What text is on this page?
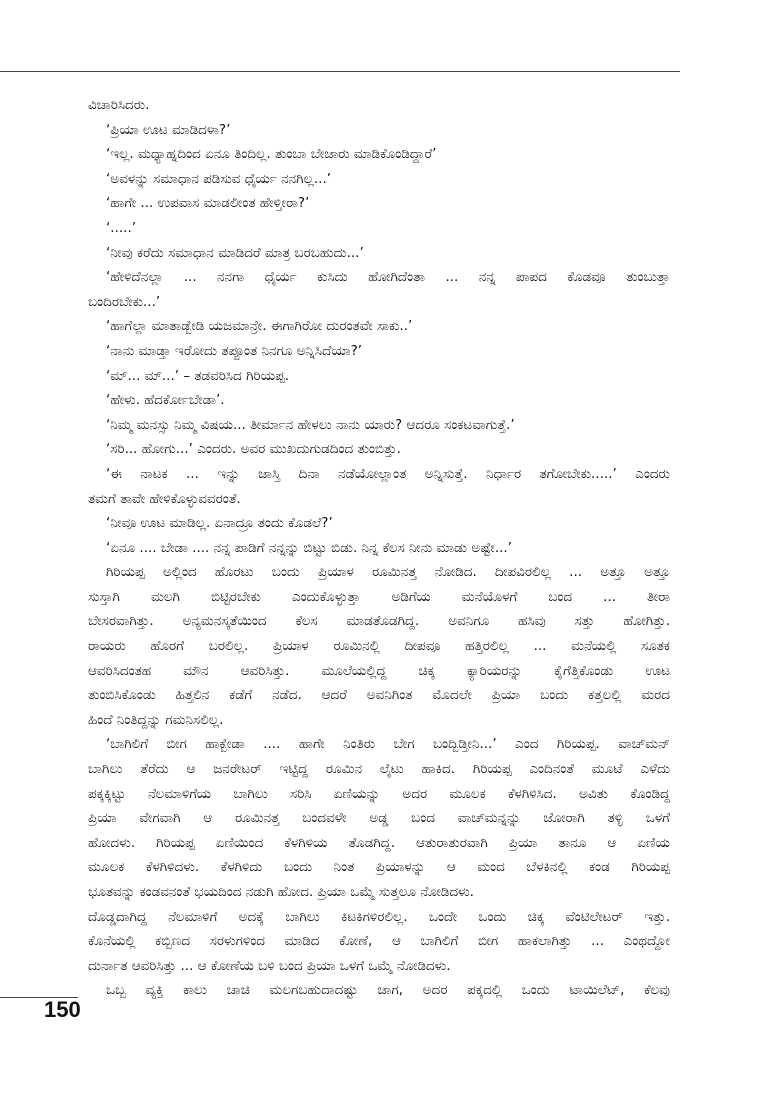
ವಿಚಾರಿಸಿದರು.
‘ಪ್ರಿಯಾ ಊಟ ಮಾಡಿದಳಾ?’
‘ಇಲ್ಲ. ಮಧ್ಯಾಹ್ನದಿಂದ ಏನೂ ತಿಂದಿಲ್ಲ. ತುಂಬಾ ಬೇಜಾರು ಮಾಡಿಕೊಂಡಿದ್ದಾರೆ’
‘ಅವಳನ್ನು ಸಮಾಧಾನ ಪಡಿಸುವ ಧೈರ್ಯ ನನಗಿಲ್ಲ...’
‘ಹಾಗೇ ... ಉಪವಾಸ ಮಾಡಲೀಂತ ಹೇಳ್ತೀರಾ?’
‘.....’
‘ನೀವು ಕರೆದು ಸಮಾಧಾನ ಮಾಡಿದರೆ ಮಾತ್ರ ಬರಬಹುದು...’
‘ಹೇಳಿದೆನಲ್ಲಾ ... ನನಗಾ ಧೈರ್ಯ ಕುಸಿದು ಹೋಗಿದೆಂತಾ ... ನನ್ನ ಪಾಪದ ಕೊಡವೂ ತುಂಬುತ್ತಾ
ಬಂದಿರಬೇಕು...’
‘ಹಾಗೆಲ್ಲಾ ಮಾತಾಡ್ಬೇಡಿ ಯಜಮಾನ್ರೇ. ಈಗಾಗಿರೋ ದುರಂತವೇ ಸಾಕು..’
‘ನಾನು ಮಾಡ್ತಾ ಇರೋದು ತಪ್ಪೂಂತ ನಿನಗೂ ಅನ್ನಿಸಿದೆಯಾ?’
‘ಮ್... ಮ್...’ – ತಡವರಿಸಿದ ಗಿರಿಯಪ್ಪ.
‘ಹೇಳು. ಹೆದರ್ಕೋಬೇಡಾ’.
‘ನಿಮ್ಮ ಮನಸ್ಸು ನಿಮ್ಮ ವಿಷಯ... ತೀರ್ಮಾನ ಹೇಳಲು ನಾನು ಯಾರು? ಆದರೂ ಸಂಕಟವಾಗುತ್ತೆ.’
‘ಸರಿ... ಹೋಗು...’ ಎಂದರು. ಅವರ ಮುಖದುಗುಡದಿಂದ ತುಂಬಿತ್ತು.
‘ಈ ನಾಟಕ ... ಇನ್ನು ಜಾಸ್ತಿ ದಿನಾ ನಡೆಯೋಲ್ಲಾಂತ ಅನ್ನಿಸುತ್ತೆ. ನಿರ್ಧಾರ ತಗೋಬೇಕು.....’ ಎಂದರು
ತಮಗೆ ತಾವೇ ಹೇಳಿಕೊಳ್ಳುವವರಂತೆ.
‘ನೀವೂ ಊಟ ಮಾಡಿಲ್ಲ. ಏನಾದ್ರೂ ತಂದು ಕೊಡಲೆ?’
‘ಏನೂ .... ಬೇಡಾ .... ನನ್ನ ಪಾಡಿಗೆ ನನ್ನನ್ನು ಬಿಟ್ಟು ಬಿಡು. ನಿನ್ನ ಕೆಲಸ ನೀನು ಮಾಡು ಅಷ್ಟೇ...’
ಗಿರಿಯಪ್ಪ ಅಲ್ಲಿಂದ ಹೊರಟು ಬಂದು ಪ್ರಿಯಾಳ ರೂಮಿನತ್ತ ನೋಡಿದ. ದೀಪವಿರಲಿಲ್ಲ ... ಅತ್ತೂ ಅತ್ತೂ
ಸುಸ್ತಾಗಿ ಮಲಗಿ ಬಿಟ್ಟಿರಬೇಕು ಎಂದುಕೊಳ್ಳುತ್ತಾ ಅಡಿಗೆಯ ಮನೆಯೊಳಗೆ ಬಂದ ... ತೀರಾ
ಬೇಸರವಾಗಿತ್ತು. ಅನ್ಯಮನಸ್ಕತೆಯಿಂದ ಕೆಲಸ ಮಾಡತೊಡಗಿದ್ದ. ಅವನಿಗೂ ಹಸಿವು ಸತ್ತು ಹೋಗಿತ್ತು.
ರಾಯರು ಹೊರಗೆ ಬರಲಿಲ್ಲ. ಪ್ರಿಯಾಳ ರೂಮಿನಲ್ಲಿ ದೀಪವೂ ಹತ್ತಿರಲಿಲ್ಲ ... ಮನೆಯಲ್ಲಿ ಸೂತಕ
ಆವರಿಸಿದಂತಹ ಮೌನ ಆವರಿಸಿತ್ತು. ಮೂಲೆಯಲ್ಲಿದ್ದ ಚಿಕ್ಕ ಕ್ಯಾರಿಯರನ್ನು ಕೈಗೆತ್ತಿಕೊಂಡು ಊಟ
ತುಂಬಿಸಿಕೊಂಡು ಹಿತ್ತಲಿನ ಕಡೆಗೆ ನಡೆದ. ಆದರೆ ಅವನಿಗಿಂತ ಮೊದಲೇ ಪ್ರಿಯಾ ಬಂದು ಕತ್ತಲಲ್ಲಿ ಮರದ
ಹಿಂದೆ ನಿಂತಿದ್ದನ್ನು ಗಮನಿಸಲಿಲ್ಲ.
‘ಬಾಗಿಲಿಗೆ ಬೀಗ ಹಾಕ್ಬೇಡಾ .... ಹಾಗೇ ನಿಂತಿರು ಬೇಗ ಬಂದ್ಬಿಡ್ತೀನಿ...’ ಎಂದ ಗಿರಿಯಪ್ಪ. ವಾಚ್‌ಮನ್
ಬಾಗಿಲು ತೆರೆದು ಆ ಜನರೇಟರ್ ಇಟ್ಟಿದ್ದ ರೂಮಿನ ಲೈಟು ಹಾಕಿದ. ಗಿರಿಯಪ್ಪ ಎಂದಿನಂತೆ ಮೂಟೆ ಎಳೆದು
ಪಕ್ಕಕ್ಕಿಟ್ಟು ನೆಲಮಾಳಿಗೆಯ ಬಾಗಿಲು ಸರಿಸಿ ಏಣಿಯನ್ನು ಅದರ ಮೂಲಕ ಕೆಳಗಿಳಿಸಿದ. ಅವಿತು ಕೊಂಡಿದ್ದ
ಪ್ರಿಯಾ ವೇಗವಾಗಿ ಆ ರೂಮಿನತ್ತ ಬಂದವಳೇ ಅಡ್ಡ ಬಂದ ವಾಚ್‌ಮನ್ನನ್ನು ಜೋರಾಗಿ ತಳ್ಳಿ ಒಳಗೆ
ಹೋದಳು. ಗಿರಿಯಪ್ಪ ಏಣಿಯಿಂದ ಕೆಳಗಿಳಿಯ ತೊಡಗಿದ್ದ. ಆತುರಾತುರವಾಗಿ ಪ್ರಿಯಾ ತಾನೂ ಆ ಏಣಿಯ
ಮೂಲಕ ಕೆಳಗಿಳಿದಳು. ಕೆಳಗಿಳಿದು ಬಂದು ನಿಂತ ಪ್ರಿಯಾಳನ್ನು ಆ ಮಂದ ಬೆಳಕಿನಲ್ಲಿ ಕಂಡ ಗಿರಿಯಪ್ಪ
ಭೂತವನ್ನು ಕಂಡವನಂತೆ ಭಯದಿಂದ ನಡುಗಿ ಹೋದ. ಪ್ರಿಯಾ ಒಮ್ಮೆ ಸುತ್ತಲೂ ನೋಡಿದಳು.
ದೊಡ್ಡದಾಗಿದ್ದ ನೆಲಮಾಳಿಗೆ ಅದಕ್ಕೆ ಬಾಗಿಲು ಕಿಟಕಿಗಳಿರಲಿಲ್ಲ. ಒಂದೇ ಒಂದು ಚಿಕ್ಕ ವೆಂಟಿಲೇಟರ್ ಇತ್ತು.
ಕೊನೆಯಲ್ಲಿ ಕಬ್ಬಿಣದ ಸರಳುಗಳಿಂದ ಮಾಡಿದ ಕೋಣೆ, ಆ ಬಾಗಿಲಿಗೆ ಬೀಗ ಹಾಕಲಾಗಿತ್ತು ... ಎಂಥದ್ದೋ
ದುರ್ನಾತ ಆವರಿಸಿತ್ತು ... ಆ ಕೋಣೆಯ ಬಳಿ ಬಂದ ಪ್ರಿಯಾ ಒಳಗೆ ಒಮ್ಮೆ ನೋಡಿದಳು.
ಒಬ್ಬ ವ್ಯಕ್ತಿ ಕಾಲು ಚಾಚಿ ಮಲಗಬಹುದಾದಷ್ಟು ಜಾಗ, ಅದರ ಪಕ್ಕದಲ್ಲಿ ಒಂದು ಟಾಯಿಲೆಟ್, ಕೆಲವು
150
